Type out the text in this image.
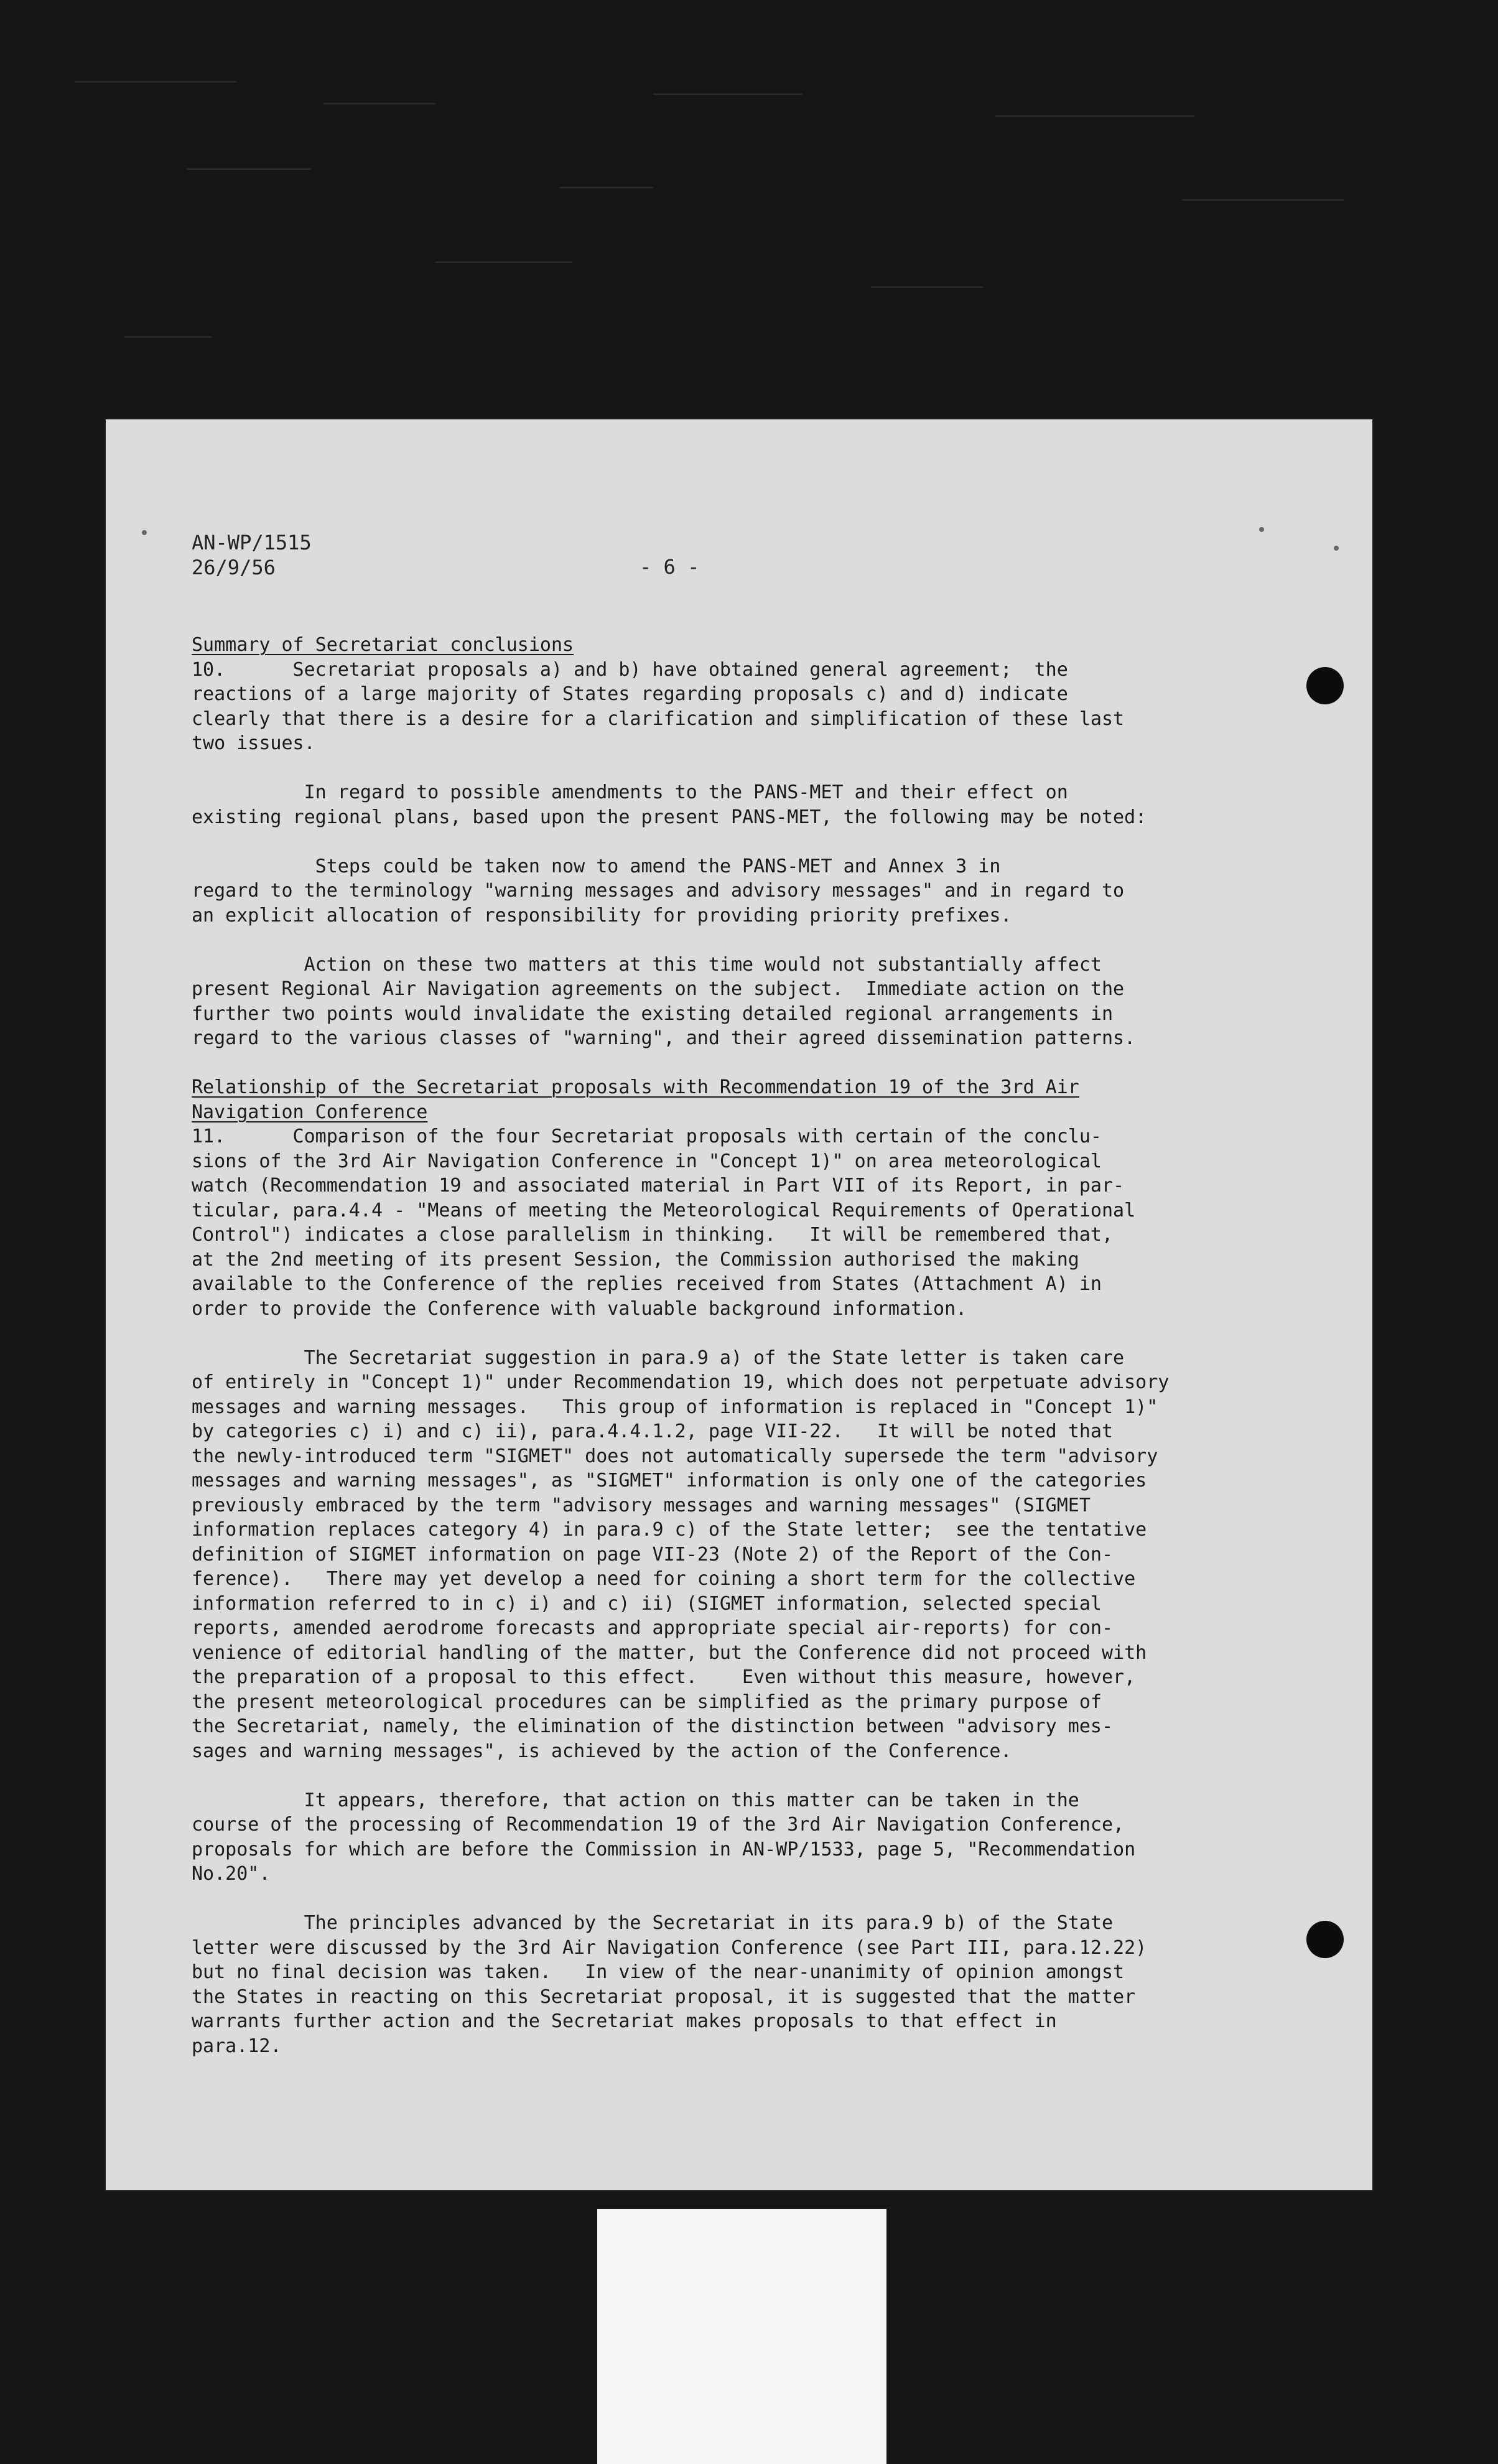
AN-WP/1515
26/9/56	- 6 -
Summary of Secretariat conclusions
10.      Secretariat proposals a) and b) have obtained general agreement;  the
reactions of a large majority of States regarding proposals c) and d) indicate
clearly that there is a desire for a clarification and simplification of these last
two issues.
In regard to possible amendments to the PANS-MET and their effect on
existing regional plans, based upon the present PANS-MET, the following may be noted:
Steps could be taken now to amend the PANS-MET and Annex 3 in
regard to the terminology "warning messages and advisory messages" and in regard to
an explicit allocation of responsibility for providing priority prefixes.
Action on these two matters at this time would not substantially affect
present Regional Air Navigation agreements on the subject.  Immediate action on the
further two points would invalidate the existing detailed regional arrangements in
regard to the various classes of "warning", and their agreed dissemination patterns.
Relationship of the Secretariat proposals with Recommendation 19 of the 3rd Air
Navigation Conference
11.      Comparison of the four Secretariat proposals with certain of the conclu-
sions of the 3rd Air Navigation Conference in "Concept 1)" on area meteorological
watch (Recommendation 19 and associated material in Part VII of its Report, in par-
ticular, para.4.4 - "Means of meeting the Meteorological Requirements of Operational
Control") indicates a close parallelism in thinking.   It will be remembered that,
at the 2nd meeting of its present Session, the Commission authorised the making
available to the Conference of the replies received from States (Attachment A) in
order to provide the Conference with valuable background information.
The Secretariat suggestion in para.9 a) of the State letter is taken care
of entirely in "Concept 1)" under Recommendation 19, which does not perpetuate advisory
messages and warning messages.   This group of information is replaced in "Concept 1)"
by categories c) i) and c) ii), para.4.4.1.2, page VII-22.   It will be noted that
the newly-introduced term "SIGMET" does not automatically supersede the term "advisory
messages and warning messages", as "SIGMET" information is only one of the categories
previously embraced by the term "advisory messages and warning messages" (SIGMET
information replaces category 4) in para.9 c) of the State letter;  see the tentative
definition of SIGMET information on page VII-23 (Note 2) of the Report of the Con-
ference).   There may yet develop a need for coining a short term for the collective
information referred to in c) i) and c) ii) (SIGMET information, selected special
reports, amended aerodrome forecasts and appropriate special air-reports) for con-
venience of editorial handling of the matter, but the Conference did not proceed with
the preparation of a proposal to this effect.    Even without this measure, however,
the present meteorological procedures can be simplified as the primary purpose of
the Secretariat, namely, the elimination of the distinction between "advisory mes-
sages and warning messages", is achieved by the action of the Conference.
It appears, therefore, that action on this matter can be taken in the
course of the processing of Recommendation 19 of the 3rd Air Navigation Conference,
proposals for which are before the Commission in AN-WP/1533, page 5, "Recommendation
No.20".
The principles advanced by the Secretariat in its para.9 b) of the State
letter were discussed by the 3rd Air Navigation Conference (see Part III, para.12.22)
but no final decision was taken.   In view of the near-unanimity of opinion amongst
the States in reacting on this Secretariat proposal, it is suggested that the matter
warrants further action and the Secretariat makes proposals to that effect in
para.12.
